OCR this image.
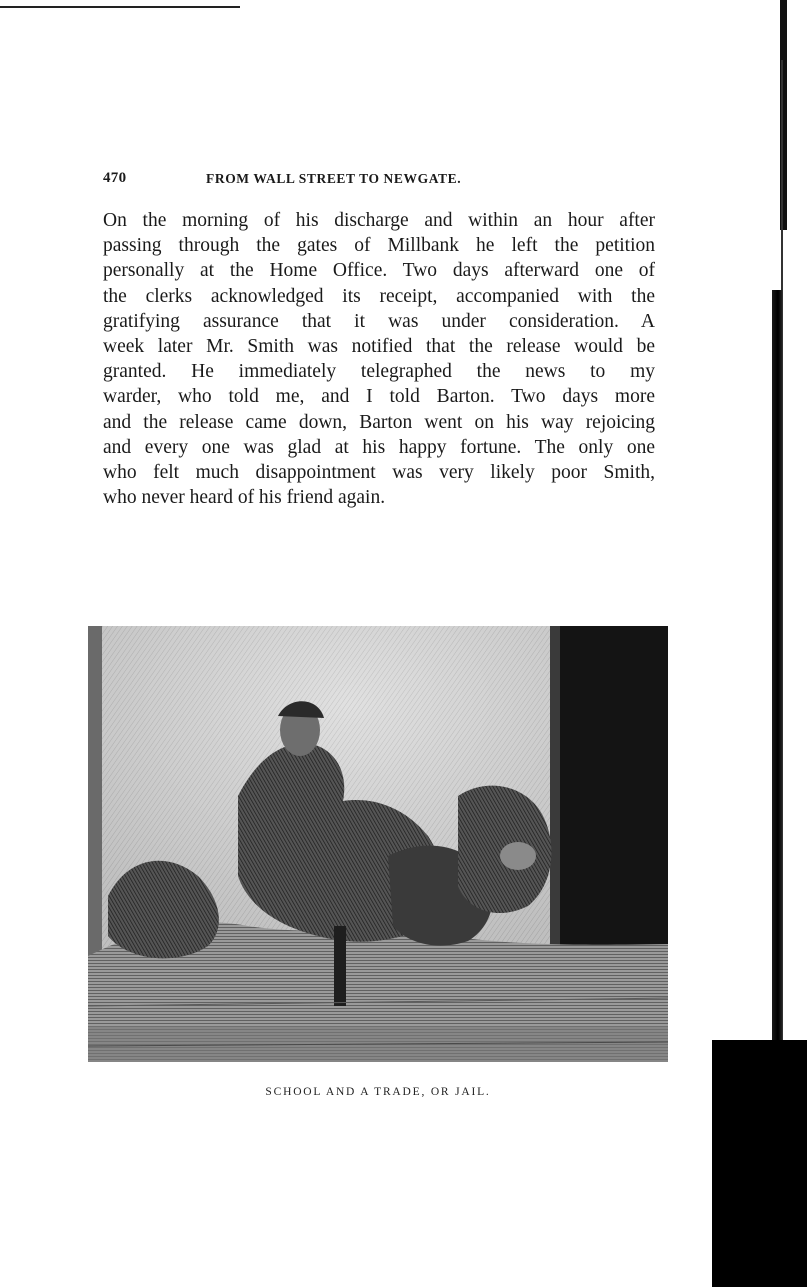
470	FROM WALL STREET TO NEWGATE.

On the morning of his discharge and within an hour after
passing through the gates of Millbank he left the petition
personally at the Home Office. Two days afterward one of
the clerks acknowledged its receipt, accompanied with the
gratifying assurance that it was under consideration. A
week later Mr. Smith was notified that the release would be
granted. He immediately telegraphed the news to my
warder, who told me, and I told Barton. Two days more
and the release came down, Barton went on his way rejoicing
and every one was glad at his happy fortune. The only one
who felt much disappointment was very likely poor Smith,
who never heard of his friend again.

SCHOOL AND A TRADE, OR JAIL.
